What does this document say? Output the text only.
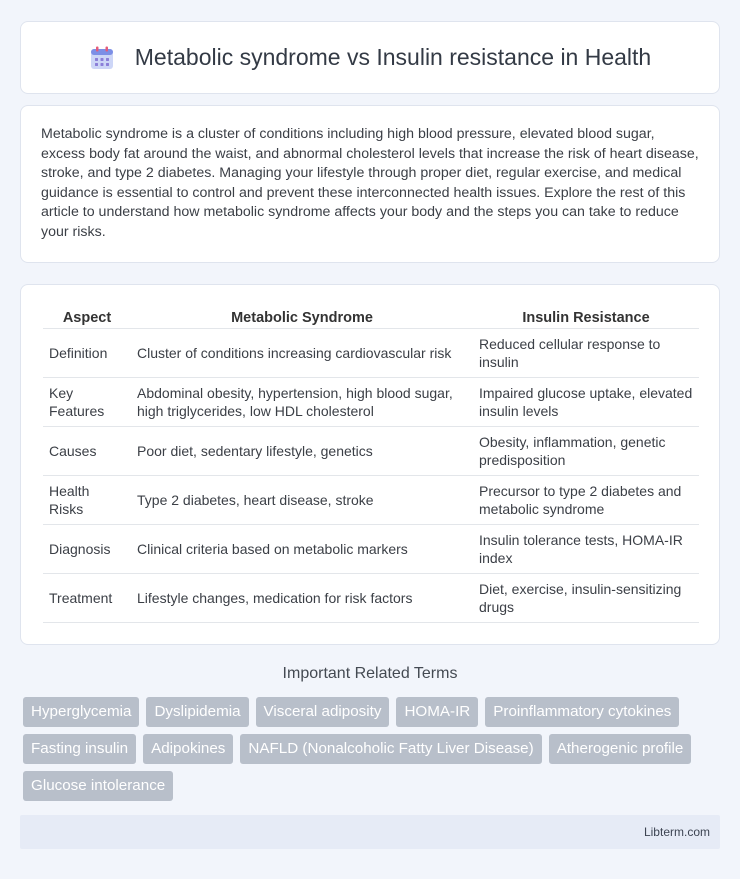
Metabolic syndrome vs Insulin resistance in Health

Metabolic syndrome is a cluster of conditions including high blood pressure, elevated blood sugar, excess body fat around the waist, and abnormal cholesterol levels that increase the risk of heart disease, stroke, and type 2 diabetes. Managing your lifestyle through proper diet, regular exercise, and medical guidance is essential to control and prevent these interconnected health issues. Explore the rest of this article to understand how metabolic syndrome affects your body and the steps you can take to reduce your risks.

Aspect	Metabolic Syndrome	Insulin Resistance
Definition	Cluster of conditions increasing cardiovascular risk	Reduced cellular response to insulin
Key Features	Abdominal obesity, hypertension, high blood sugar, high triglycerides, low HDL cholesterol	Impaired glucose uptake, elevated insulin levels
Causes	Poor diet, sedentary lifestyle, genetics	Obesity, inflammation, genetic predisposition
Health Risks	Type 2 diabetes, heart disease, stroke	Precursor to type 2 diabetes and metabolic syndrome
Diagnosis	Clinical criteria based on metabolic markers	Insulin tolerance tests, HOMA-IR index
Treatment	Lifestyle changes, medication for risk factors	Diet, exercise, insulin-sensitizing drugs
Important Related Terms
Hyperglycemia	Dyslipidemia	Visceral adiposity	HOMA-IR	Proinflammatory cytokines
Fasting insulin	Adipokines	NAFLD (Nonalcoholic Fatty Liver Disease)	Atherogenic profile
Glucose intolerance
Libterm.com
